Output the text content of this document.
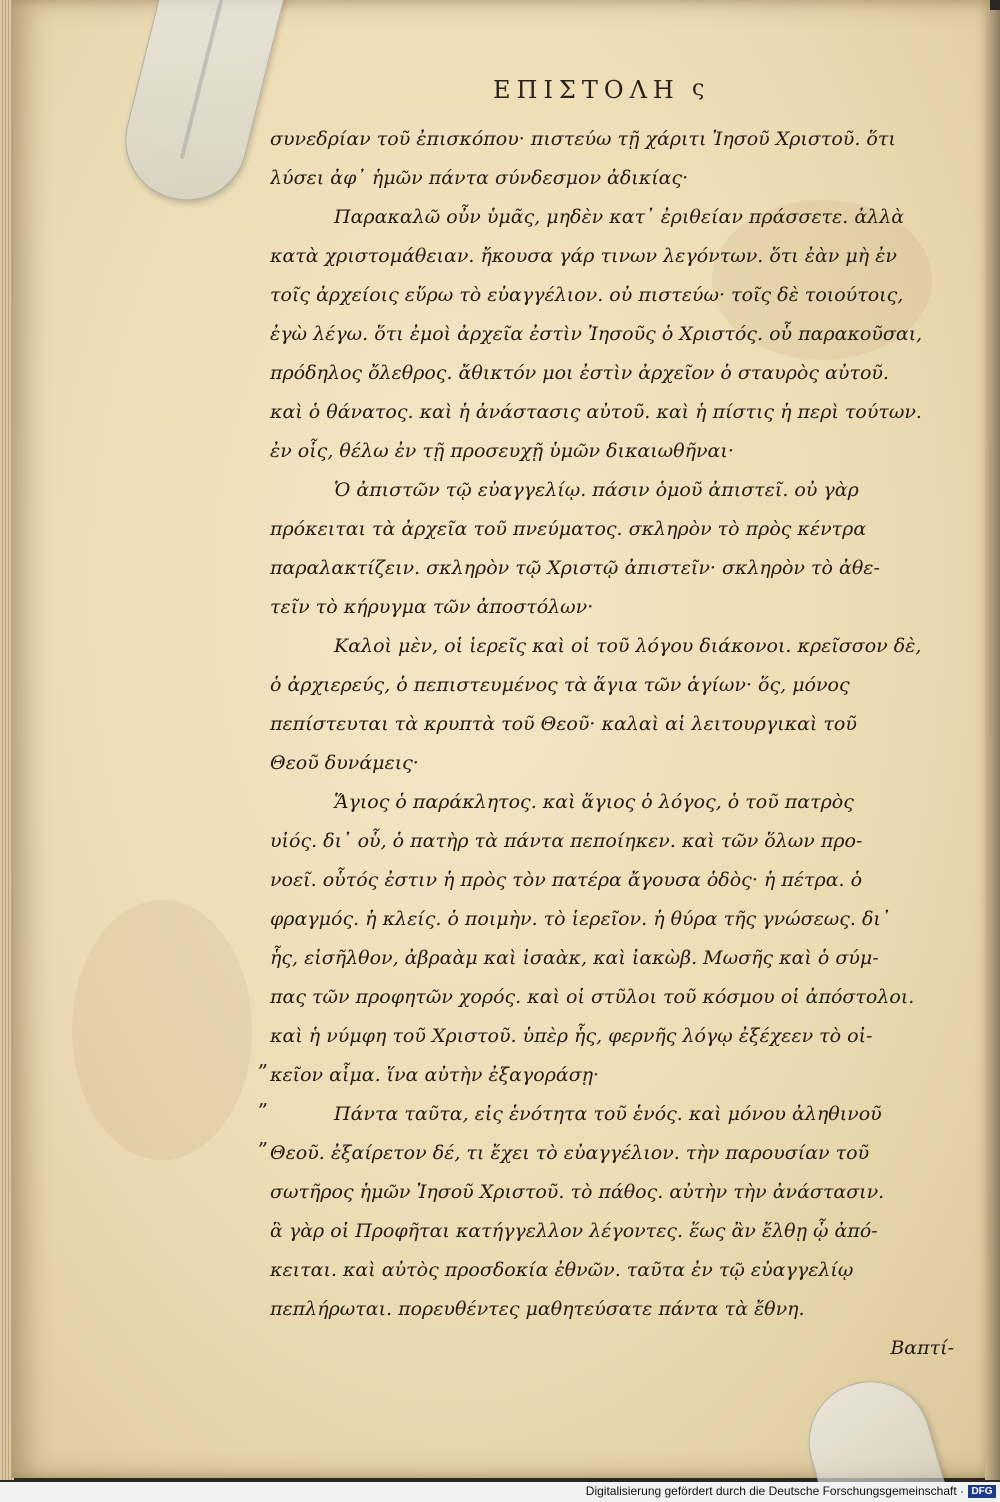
ΕΠΙΣΤΟΛΗ ς
συνεδρίαν τοῦ ἐπισκόπου· πιστεύω τῇ χάριτι Ἰησοῦ Χριστοῦ. ὅτι
λύσει ἀφ᾽ ἡμῶν πάντα σύνδεσμον ἀδικίας·
Παρακαλῶ οὖν ὑμᾶς, μηδὲν κατ᾽ ἐριθείαν πράσσετε. ἀλλὰ
κατὰ χριστομάθειαν. ἤκουσα γάρ τινων λεγόντων. ὅτι ἐὰν μὴ ἐν
τοῖς ἀρχείοις εὕρω τὸ εὐαγγέλιον. οὐ πιστεύω· τοῖς δὲ τοιούτοις,
ἐγὼ λέγω. ὅτι ἐμοὶ ἀρχεῖα ἐστὶν Ἰησοῦς ὁ Χριστός. οὗ παρακοῦσαι,
πρόδηλος ὄλεθρος. ἄθικτόν μοι ἐστὶν ἀρχεῖον ὁ σταυρὸς αὐτοῦ.
καὶ ὁ θάνατος. καὶ ἡ ἀνάστασις αὐτοῦ. καὶ ἡ πίστις ἡ περὶ τούτων.
ἐν οἷς, θέλω ἐν τῇ προσευχῇ ὑμῶν δικαιωθῆναι·
Ὁ ἀπιστῶν τῷ εὐαγγελίῳ. πάσιν ὁμοῦ ἀπιστεῖ. οὐ γὰρ
πρόκειται τὰ ἀρχεῖα τοῦ πνεύματος. σκληρὸν τὸ πρὸς κέντρα
παραλακτίζειν. σκληρὸν τῷ Χριστῷ ἀπιστεῖν· σκληρὸν τὸ ἀθε-
τεῖν τὸ κήρυγμα τῶν ἀποστόλων·
Καλοὶ μὲν, οἱ ἱερεῖς καὶ οἱ τοῦ λόγου διάκονοι. κρεῖσσον δὲ,
ὁ ἀρχιερεύς, ὁ πεπιστευμένος τὰ ἅγια τῶν ἁγίων· ὅς, μόνος
πεπίστευται τὰ κρυπτὰ τοῦ Θεοῦ· καλαὶ αἱ λειτουργικαὶ τοῦ
Θεοῦ δυνάμεις·
Ἅγιος ὁ παράκλητος. καὶ ἅγιος ὁ λόγος, ὁ τοῦ πατρὸς
υἱός. δι᾽ οὗ, ὁ πατὴρ τὰ πάντα πεποίηκεν. καὶ τῶν ὅλων προ-
νοεῖ. οὗτός ἐστιν ἡ πρὸς τὸν πατέρα ἄγουσα ὁδὸς· ἡ πέτρα. ὁ
φραγμός. ἡ κλείς. ὁ ποιμὴν. τὸ ἱερεῖον. ἡ θύρα τῆς γνώσεως. δι᾽
ἧς, εἰσῆλθον, ἀβραὰμ καὶ ἰσαὰκ, καὶ ἰακὼβ. Μωσῆς καὶ ὁ σύμ-
πας τῶν προφητῶν χορός. καὶ οἱ στῦλοι τοῦ κόσμου οἱ ἀπόστολοι.
καὶ ἡ νύμφη τοῦ Χριστοῦ. ὑπὲρ ἧς, φερνῆς λόγῳ ἐξέχεεν τὸ οἰ-
κεῖον αἷμα. ἵνα αὐτὴν ἐξαγοράσῃ·
Πάντα ταῦτα, εἰς ἑνότητα τοῦ ἑνός. καὶ μόνου ἀληθινοῦ
Θεοῦ. ἐξαίρετον δέ, τι ἔχει τὸ εὐαγγέλιον. τὴν παρουσίαν τοῦ
σωτῆρος ἡμῶν Ἰησοῦ Χριστοῦ. τὸ πάθος. αὐτὴν τὴν ἀνάστασιν.
ἃ γὰρ οἱ Προφῆται κατήγγελλον λέγοντες. ἕως ἂν ἔλθῃ ᾧ ἀπό-
κειται. καὶ αὐτὸς προσδοκία ἐθνῶν. ταῦτα ἐν τῷ εὐαγγελίῳ
πεπλήρωται. πορευθέντες μαθητεύσατε πάντα τὰ ἔθνη.
Βαπτί-
„
„
„
Digitalisierung gefördert durch die Deutsche Forschungsgemeinschaft · DFG
